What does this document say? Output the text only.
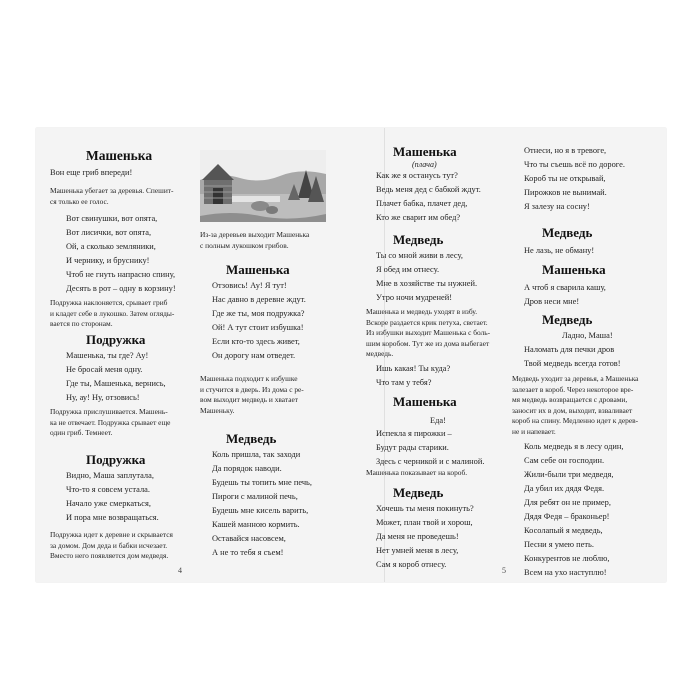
Машенька
Вон еще гриб впереди!
Машенька убегает за деревья. Спешит-
ся только ее голос.
Вот свинушки, вот опята,
Вот лисички, вот опята,
Ой, а сколько земляники,
И чернику, и бруснику!
Чтоб не гнуть напрасно спину,
Десять в рот – одну в корзину!
Подружка наклоняется, срывает гриб
и кладет себе в лукошко. Затем огляды-
вается по сторонам.
Подружка
Машенька, ты где? Ау!
Не бросай меня одну.
Где ты, Машенька, вернись,
Ну, ау! Ну, отзовись!
Подружка прислушивается. Машень-
ка не отвечает. Подружка срывает еще
один гриб. Темнеет.
Подружка
Видно, Маша заплутала,
Что-то я совсем устала.
Начало уже смеркаться,
И пора мне возвращаться.
Подружка идет к деревне и скрывается
за домом. Дом деда и бабки исчезает.
Вместо него появляется дом медведя.
4
Из-за деревьев выходит Машенька
с полным лукошком грибов.
Машенька
Отзовись! Ау! Я тут!
Нас давно в деревне ждут.
Где же ты, моя подружка?
Ой! А тут стоит избушка!
Если кто-то здесь живет,
Он дорогу нам отведет.
Машенька подходит к избушке
и стучится в дверь. Из дома с ре-
вом выходит медведь и хватает
Машеньку.
Медведь
Коль пришла, так заходи
Да порядок наводи.
Будешь ты топить мне печь,
Пироги с малиной печь,
Будешь мне кисель варить,
Кашей манною кормить.
Оставайся насовсем,
А не то тебя я съем!
Машенька
(плача)
Как же я останусь тут?
Ведь меня дед с бабкой ждут.
Плачет бабка, плачет дед,
Кто же сварит им обед?
Медведь
Ты со мной живи в лесу,
Я обед им отнесу.
Мне в хозяйстве ты нужней.
Утро ночи мудреней!
Машенька и медведь уходят в избу.
Вскоре раздается крик петуха, светает.
Из избушки выходит Машенька с боль-
шим коробом. Тут же из дома выбегает
медведь.
Ишь какая! Ты куда?
Что там у тебя?
Машенька
Еда!
Испекла я пирожки –
Будут рады старики.
Здесь с черникой и с малиной.
Машенька показывает на короб.
Медведь
Хочешь ты меня покинуть?
Может, план твой и хорош,
Да меня не проведешь!
Нет умней меня в лесу,
Сам я короб отнесу.
5
Отнеси, но я в тревоге,
Что ты съешь всё по дороге.
Короб ты не открывай,
Пирожков не вынимай.
Я залезу на сосну!
Медведь
Не лазь, не обману!
Машенька
А чтоб я сварила кашу,
Дров неси мне!
Медведь
Ладно, Маша!
Наломать для печки дров
Твой медведь всегда готов!
Медведь уходит за деревья, а Машенька
залезает в короб. Через некоторое вре-
мя медведь возвращается с дровами,
заносит их в дом, выходит, взваливает
короб на спину. Медленно идет к дерев-
не и напевает.
Коль медведь я в лесу один,
Сам себе он господин.
Жили-были три медведя,
Да убил их дядя Федя.
Для ребят он не пример,
Дядя Федя – браконьер!
Косолапый я медведь,
Песни я умею петь.
Конкурентов не люблю,
Всем на ухо наступлю!
